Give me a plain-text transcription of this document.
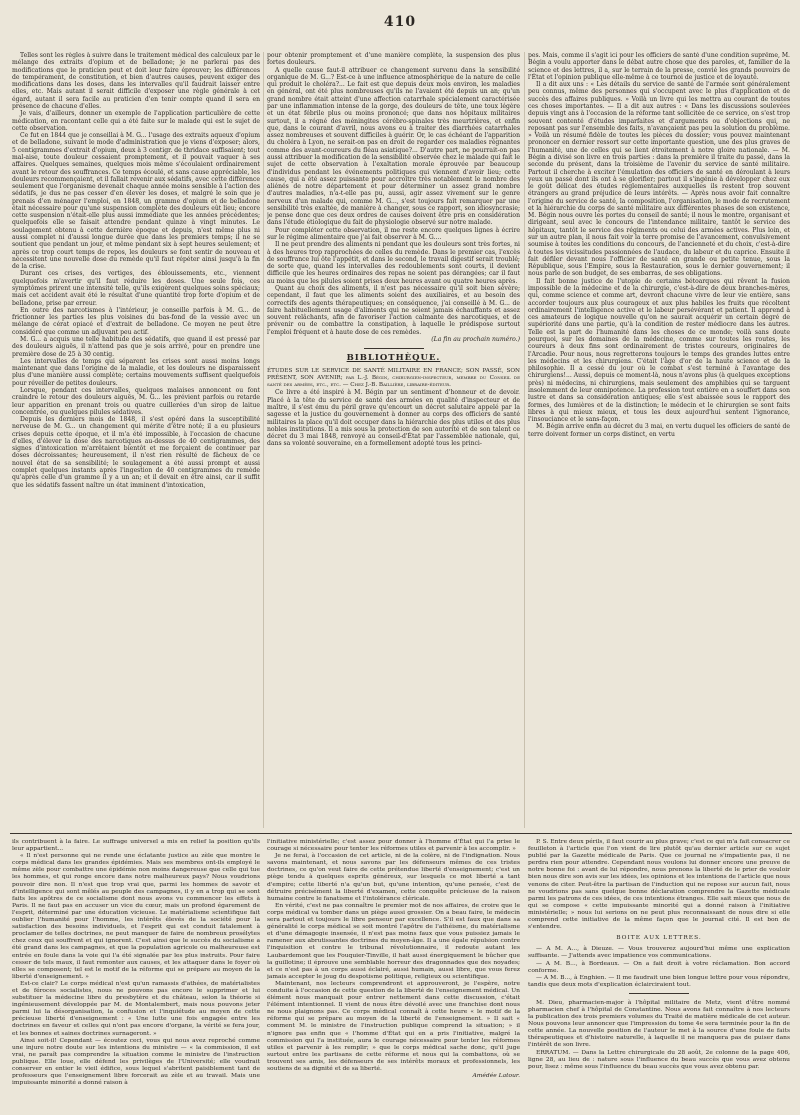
410

Telles sont les règles à suivre dans le traitement médical des calculeux par le mélange des extraits d'opium et de belladone; je ne parlerai pas des modifications que le praticien peut et doit leur faire éprouver; les différences de tempérament, de constitution, et bien d'autres causes, peuvent exiger des modifications dans les doses, dans les intervalles qu'il faudrait laisser entre elles, etc. Mais autant il serait difficile d'exposer une règle générale à cet égard, autant il sera facile au praticien d'en tenir compte quand il sera en présence de chacune d'elles.

Je vais, d'ailleurs, donner un exemple de l'application particulière de cette médication, en racontant celle qui a été faite sur le malade qui est le sujet de cette observation.

Ce fut en 1844 que je conseillai à M. G... l'usage des extraits aqueux d'opium et de belladone, suivant le mode d'administration que je viens d'exposer; alors, 5 centigrammes d'extrait d'opium, deux à 3 centigr. de thridace suffisaient; tout mal-aise, toute douleur cessaient promptement, et il pouvait vaquer à ses affaires. Quelques semaines, quelques mois même s'écoulaient ordinairement avant le retour des souffrances. Ce temps écoulé, et sans cause appréciable, les douleurs recommençaient, et il fallait revenir aux sédatifs, avec cette différence seulement que l'organisme devenait chaque année moins sensible à l'action des sédatifs, je dus ne pas cesser d'en élever les doses, et malgré le soin que je prenais d'en ménager l'emploi, en 1848, un gramme d'opium et de belladone était nécessaire pour qu'une suspension complète des douleurs eût lieu; encore cette suspension n'était-elle plus aussi immédiate que les années précédentes; quelquefois elle se faisait attendre pendant quinze à vingt minutes. Le soulagement obtenu à cette dernière époque et depuis, n'est même plus ni aussi complet ni d'aussi longue durée que dans les premiers temps; il ne se soutient que pendant un jour, et même pendant six à sept heures seulement; et après ce trop court temps de repos, les douleurs se font sentir de nouveau et nécessitent une nouvelle dose du remède qu'il faut répéter ainsi jusqu'à la fin de la crise.

Durant ces crises, des vertiges, des éblouissements, etc., viennent quelquefois m'avertir qu'il faut réduire les doses. Une seule fois, ces symptômes prirent une intensité telle, qu'ils exigèrent quelques soins spéciaux; mais cet accident avait été le résultat d'une quantité trop forte d'opium et de belladone, prise par erreur.

En outre des narcotismes à l'intérieur, je conseille parfois à M. G... de frictionner les parties les plus voisines du bas-fond de la vessie avec un mélange de cérat opiacé et d'extrait de belladone. Ce moyen ne peut être considéré que comme un adjuvant peu actif.

M. G... a acquis une telle habitude des sédatifs, que quand il est pressé par des douleurs aiguës, il n'attend pas que je sois arrivé, pour en prendre une première dose de 25 à 30 centig.

Les intervalles de temps qui séparent les crises sont aussi moins longs maintenant que dans l'origine de la maladie, et les douleurs ne disparaissent plus d'une manière aussi complète; certains mouvements suffisent quelquefois pour réveiller de petites douleurs.

Lorsque, pendant ces intervalles, quelques malaises annoncent ou font craindre le retour des douleurs aiguës, M. G... les prévient parfois ou retarde leur apparition en prenant trois ou quatre cuillerées d'un sirop de laitue concentrée, ou quelques pilules sédatives.

Depuis les derniers mois de 1848, il s'est opéré dans la susceptibilité nerveuse de M. G... un changement qui mérite d'être noté; il a eu plusieurs crises depuis cette époque, et il m'a été impossible, à l'occasion de chacune d'elles, d'élever la dose des narcotiques au-dessus de 40 centigrammes, des signes d'intoxication m'arrêtaient bientôt et me forçaient de continuer par doses décroissantes; heureusement, il n'est rien résulté de fâcheux de ce nouvel état de sa sensibilité; le soulagement a été aussi prompt et aussi complet quelques instants après l'ingestion de 40 centigrammes du remède qu'après celle d'un gramme il y a un an; et il devait en être ainsi, car il suffit que les sédatifs fassent naître un état imminent d'intoxication,

pour obtenir promptement et d'une manière complète, la suspension des plus fortes douleurs.

A quelle cause faut-il attribuer ce changement survenu dans la sensibilité organique de M. G...? Est-ce à une influence atmosphérique de la nature de celle qui produit le choléra?... Le fait est que depuis deux mois environ, les maladies en général, ont été plus nombreuses qu'ils ne l'avaient été depuis un an; qu'un grand nombre était atteint d'une affection catarrhale spécialement caractérisée par une inflammation intense de la gorge, des douleurs de tête, une toux légère et un état fébrile plus ou moins prononcé; que dans nos hôpitaux militaires surtout, il a régné des méningites cérébro-spinales très meurtrières, et enfin que, dans le courant d'avril, nous avons eu à traiter des diarrhées catarrhales assez nombreuses et souvent difficiles à guérir. Or, le cas échéant de l'apparition du choléra à Lyon, ne serait-on pas en droit de regarder ces maladies régnantes comme des avant-coureurs du fléau asiatique?... D'autre part, ne pourrait-on pas aussi attribuer la modification de la sensibilité observée chez le malade qui fait le sujet de cette observation à l'exaltation morale éprouvée par beaucoup d'individus pendant les événements politiques qui viennent d'avoir lieu; cette cause, qui a été assez puissante pour accroître très notablement le nombre des aliénés de notre département et pour déterminer un assez grand nombre d'autres maladies, n'a-t-elle pas pu, aussi, agir assez vivement sur le genre nerveux d'un malade qui, comme M. G..., s'est toujours fait remarquer par une sensibilité très exaltée, de manière à changer, sous ce rapport, son idiosyncrasie; je pense donc que ces deux ordres de causes doivent être pris en considération dans l'étude étiologique du fait de physiologie observé sur notre malade.

Pour compléter cette observation, il me reste encore quelques lignes à écrire sur le régime alimentaire que j'ai fait observer à M. G....

Il ne peut prendre des aliments ni pendant que les douleurs sont très fortes, ni à des heures trop rapprochées de celles du remède. Dans le premier cas, l'excès de souffrance lui ôte l'appétit, et dans le second, le travail digestif serait troublé; de sorte que, quand les intervalles des redoublements sont courts, il devient difficile que les heures ordinaires des repas ne soient pas dérangées; car il faut au moins que les pilules soient prises deux heures avant ou quatre heures après.

Quant au choix des aliments, il n'est pas nécessaire qu'il soit bien sévère; cependant, il faut que les aliments soient des auxiliaires, et au besoin des correctifs des agents thérapeutiques; en conséquence, j'ai conseillé à M. G... de faire habituellement usage d'aliments qui ne soient jamais échauffants et assez souvent relâchants, afin de favoriser l'action calmante des narcotiques, et de prévenir ou de combattre la constipation, à laquelle le prédispose surtout l'emploi fréquent et à haute dose de ces remèdes.

(La fin au prochain numéro.)

BIBLIOTHÈQUE.

ÉTUDES SUR LE SERVICE DE SANTÉ MILITAIRE EN FRANCE; SON PASSÉ, SON PRÉSENT, SON AVENIR; par L.-J. Bégin, chirurgien-inspecteur, membre du Conseil de santé des armées, etc., etc. — Chez J.-B. Baillière, libraire-éditeur.

Ce livre a été inspiré à M. Bégin par un sentiment d'honneur et de devoir. Placé à la tête du service de santé des armées en qualité d'inspecteur et de maître, il s'est ému du péril grave qu'encourt un décret salutaire appelé par la sagesse et la justice du gouvernement à donner au corps des officiers de santé militaires la place qu'il doit occuper dans la hiérarchie des plus utiles et des plus nobles institutions. Il a mis sous la protection de son autorité et de son talent ce décret du 3 mai 1848, renvoyé au conseil-d'État par l'assemblée nationale, qui, dans sa volonté souveraine, en a formellement adopté tous les princi-

pes. Mais, comme il s'agit ici pour les officiers de santé d'une condition suprême, M. Bégin a voulu apporter dans le débat autre chose que des paroles, et, familier de la science et des lettres, il a, sur le terrain de la presse, convié les grands pouvoirs de l'État et l'opinion publique elle-même à ce tournoi de justice et de loyauté.

Il a dit aux uns : « Les détails du service de santé de l'armée sont généralement peu connus, même des personnes qui s'occupent avec le plus d'application et de succès des affaires publiques. » Voilà un livre qui les mettra au courant de toutes ces choses importantes. — Il a dit aux autres : « Dans les discussions soulevées depuis vingt ans à l'occasion de la réforme tant sollicitée de ce service, on s'est trop souvent contenté d'études imparfaites et d'arguments ou d'objections qui, ne reposant pas sur l'ensemble des faits, n'avançaient pas peu la solution du problème. » Voilà un résumé fidèle de toutes les pièces du dossier; vous pouvez maintenant prononcer en dernier ressort sur cette importante question, une des plus graves de l'humanité, une de celles qui se lient étroitement à notre gloire nationale. — M. Bégin a divisé son livre en trois parties : dans la première il traite du passé, dans la seconde du présent, dans la troisième de l'avenir du service de santé militaire. Partout il cherche à exciter l'émulation des officiers de santé en déroulant à leurs yeux un passé dont ils ont à se glorifier; partout il s'ingénie à développer chez eux le goût délicat des études réglementaires auxquelles ils restent trop souvent étrangers au grand préjudice de leurs intérêts. — Après nous avoir fait connaître l'origine du service de santé, la composition, l'organisation, le mode de recrutement et la hiérarchie du corps de santé militaire aux différentes phases de son existence, M. Bégin nous ouvre les portes du conseil de santé; il nous le montre, organisant et dirigeant, seul avec le concours de l'intendance militaire, tantôt le service des hôpitaux, tantôt le service des régiments ou celui des armées actives. Plus loin, et sur un autre plan, il nous fait voir la terre promise de l'avancement, convulsivement soumise à toutes les conditions du concours, de l'ancienneté et du choix, c'est-à-dire à toutes les vicissitudes passionnées de l'audace, du labeur et du caprice. Ensuite il fait défiler devant nous l'officier de santé en grande ou petite tenue, sous la République, sous l'Empire, sous la Restauration, sous le dernier gouvernement; il nous parle de son budget, de ses embarras, de ses obligations.

Il fait bonne justice de l'utopie de certains bétoarques qui rêvent la fusion impossible de la médecine et de la chirurgie, c'est-à-dire de deux branches-mères, qui, comme science et comme art, devront chacune vivre de leur vie entière, sans accorder toujours aux plus courageux et aux plus habiles les fruits que récoltent ordinairement l'intelligence active et le labeur persévérant et patient. Il apprend à ces amateurs de logique nouvelle qu'on ne saurait acquérir un certain degré de supériorité dans une partie, qu'à la condition de rester médiocre dans les autres. Telle est la part de l'humanité dans les choses de ce monde; voilà sans doute pourquoi, sur les domaines de la médecine, comme sur toutes les routes, les coureurs à deux fins sont ordinairement de tristes coureurs, originaires de l'Arcadie. Pour nous, nous regretterons toujours le temps des grandes luttes entre les médecins et les chirurgiens. C'était l'âge d'or de la haute science et de la philosophie. Il a cessé du jour où le combat s'est terminé à l'avantage des chirurgiens!... Aussi, depuis ce moment-là, nous n'avons plus (à quelques exceptions près) ni médecins, ni chirurgiens, mais seulement des amphibies qui se targuent insolemment de leur omnipotence. La profession tout entière en a souffert dans son lustre et dans sa considération antiques; elle s'est abaissée sous le rapport des formes, des lumières et de la distinction; le médecin et le chirurgien se sont faits libres à qui mieux mieux, et tous les deux aujourd'hui sentent l'ignorance, l'insouciance et le sans-façon.

M. Bégin arrive enfin au décret du 3 mai, en vertu duquel les officiers de santé de terre doivent former un corps distinct, en vertu

ils contribuent à la faire. Le suffrage universel a mis en relief la position qu'ils leur appartient...

« Il n'est personne qui ne rende une éclatante justice au zèle que montre le corps médical dans les grandes épidémies. Mais ses membres ont-ils employé le même zèle pour combattre une épidémie non moins dangereuse que celle qui tue les hommes, et qui ronge encore dans notre malheureux pays? Nous voudrions pouvoir dire non. Il n'est que trop vrai que, parmi les hommes de savoir et d'intelligence qui sont mêlés au peuple des campagnes, il y en a trop qui se sont faits les apôtres de ce socialisme dont nous avons vu commencer les effets à Paris. Il ne faut pas en accuser un vice du cœur, mais un profond égarement de l'esprit, déterminé par une éducation vicieuse. Le matérialisme scientifique fait oublier l'humanité pour l'homme, les intérêts élevés de la société pour la satisfaction des besoins individuels, et l'esprit qui est conduit fatalement à proclamer de telles doctrines, ne peut manquer de faire de nombreux prosélytes chez ceux qui souffrent et qui ignorent. C'est ainsi que le succès du socialisme a été grand dans les campagnes, et que la population agricole ou malheureuse est entrée en foule dans la voie qui l'a été signalée par les plus instruits. Pour faire cesser de tels maux, il faut remonter aux causes, et les attaquer dans le foyer où elles se composent; tel est le motif de la réforme qui se prépare au moyen de la liberté d'enseignement. »

Est-ce clair? Le corps médical n'est qu'un ramassis d'athées, de matérialistes et de féroces socialistes, nous ne pouvons pas encore le supprimer et lui substituer la médecine libre du presbytère et du château, selon la théorie si ingénieusement développée par M. de Montalembert, mais nous pouvons jeter parmi lui la désorganisation, la confusion et l'inquiétude au moyen de cette précieuse liberté d'enseignement : « Une lutte une fois engagée entre les doctrines en faveur et celles qui n'ont pas encore d'organe, la vérité se fera jour, et les bonnes et saines doctrines surnageront. »

Ainsi soit-il! Cependant — écoutez ceci, vous qui nous avez reproché comme une injure notre doute sur les intentions du ministre — « la commission, il est vrai, ne paraît pas comprendre la situation comme le ministre de l'instruction publique. Elle loue, elle défend les privilèges de l'Université; elle voudrait conserver en entier le vieil édifice, sous lequel s'abritent paisiblement tant de professeurs que l'enseignement libre forcerait au zèle et au travail. Mais une impuissante minorité a donné raison à

l'initiative ministérielle; c'est assez pour donner à l'homme d'État qui l'a prise le courage si nécessaire pour tenter les réformes utiles et parvenir à les accomplir. »

Je ne ferai, à l'occasion de cet article, ni de la colère, ni de l'indignation. Nous savons maintenant, et nous savons par les défenseurs mêmes de ces tristes doctrines, ce qu'on veut faire de cette prétendue liberté d'enseignement; c'est un piège tendu à quelques esprits généreux, sur lesquels ce mot liberté a tant d'empire; cette liberté n'a qu'un but, qu'une intention, qu'une pensée, c'est de détruire précisément la liberté d'examen, cette conquête précieuse de la raison humaine contre le fanatisme et l'intolérance cléricale.

En vérité, c'est ne pas connaître le premier mot de nos affaires, de croire que le corps médical va tomber dans un piège aussi grossier. On a beau faire, le médecin sera partout et toujours le libre penseur par excellence. S'il est faux que dans sa généralité le corps médical se soit montré l'apôtre de l'athéisme, du matérialisme et d'une démagogie insensée, il n'est pas moins faux que vous puissiez jamais le ramener aux abrutissantes doctrines du moyen-âge. Il a une égale répulsion contre l'inquisition et contre le tribunal révolutionnaire, il redoute autant les Laubardemont que les Fouquier-Tinville, il hait aussi énergiquement le bûcher que la guillotine; il éprouve une semblable horreur des dragonnades que des noyades; et ce n'est pas à un corps aussi éclairé, aussi humain, aussi libre, que vous ferez jamais accepter le joug du despotisme politique, religieux ou scientifique.

Maintenant, nos lecteurs comprendront et approuveront, je l'espère, notre conduite à l'occasion de cette question de la liberté de l'enseignement médical. Un élément nous manquait pour entrer nettement dans cette discussion, c'était l'élément intentionnel. Il vient de nous être dévoilé avec une franchise dont nous ne nous plaignons pas. Ce corps médical connaît à cette heure « le motif de la réforme qui se prépare au moyen de la liberté de l'enseignement. » Il sait « comment M. le ministre de l'instruction publique comprend la situation; » il n'ignore pas enfin que « l'homme d'État qui en a pris l'initiative, malgré la commission qui l'a instituée, aura le courage nécessaire pour tenter les réformes utiles et parvenir à les remplir; » que le corps médical sache donc, qu'il juge surtout entre les partisans de cette réforme et nous qui la combattons, où se trouvent ses amis, les défenseurs de ses intérêts moraux et professionnels, les soutiens de sa dignité et de sa liberté.

Amédée Latour.

P. S. Entre deux périls, il faut courir au plus grave; c'est ce qui m'a fait consacrer ce feuilleton à l'article que l'on vient de lire plutôt qu'au dernier article sur ce sujet publié par la Gazette médicale de Paris. Que ce journal ne s'impatiente pas, il ne perdra rien pour attendre. Cependant nous voulons lui donner encore une preuve de notre bonne foi : avant de lui répondre, nous prenons la liberté de le prier de vouloir bien nous dire son avis sur les idées, les opinions et les intentions de l'article que nous venons de citer. Peut-être la partisan de l'induction qui ne repose sur aucun fait, nous ne voudrions pas sans quelque bonne déclaration comprendre la Gazette médicale parmi les patrons de ces idées, de ces intentions étranges. Elle sait mieux que nous de qui se compose « cette impuissante minorité qui a donné raison à l'initiative ministérielle; » nous lui serions on ne peut plus reconnaissant de nous dire si elle comprend cette initiative de la même façon que le journal cité. Il est bon de s'entendre.

BOITE AUX LETTRES.

— A M. A..., à Dieuze. — Vous trouverez aujourd'hui même une explication suffisante. — J'attends avec impatience vos communications.

— A M. B..., à Bordeaux. — On a fait droit à votre réclamation. Bon accord conforme.

— A M. B..., à Enghien. — Il me faudrait une bien longue lettre pour vous répondre, tandis que deux mots d'explication éclairciraient tout.

M. Dieu, pharmacien-major à l'hôpital militaire de Metz, vient d'être nommé pharmacien chef à l'hôpital de Constantine. Nous avons fait connaître à nos lecteurs la publication des trois premiers volumes du Traité de matière médicale de cet auteur. Nous pouvons leur annoncer que l'impression du tome 4e sera terminée pour la fin de cette année. La nouvelle position de l'auteur le met à la source d'une foule de faits thérapeutiques et d'histoire naturelle, à laquelle il ne manquera pas de puiser dans l'intérêt de son livre.

ERRATUM. — Dans la Lettre chirurgicale du 28 août, 2e colonne de la page 406, ligne 28, au lieu de : nature sous l'influence du beau succès que vous avez obtenu pour, lisez : même sous l'influence du beau succès que vous avez obtenu par.
